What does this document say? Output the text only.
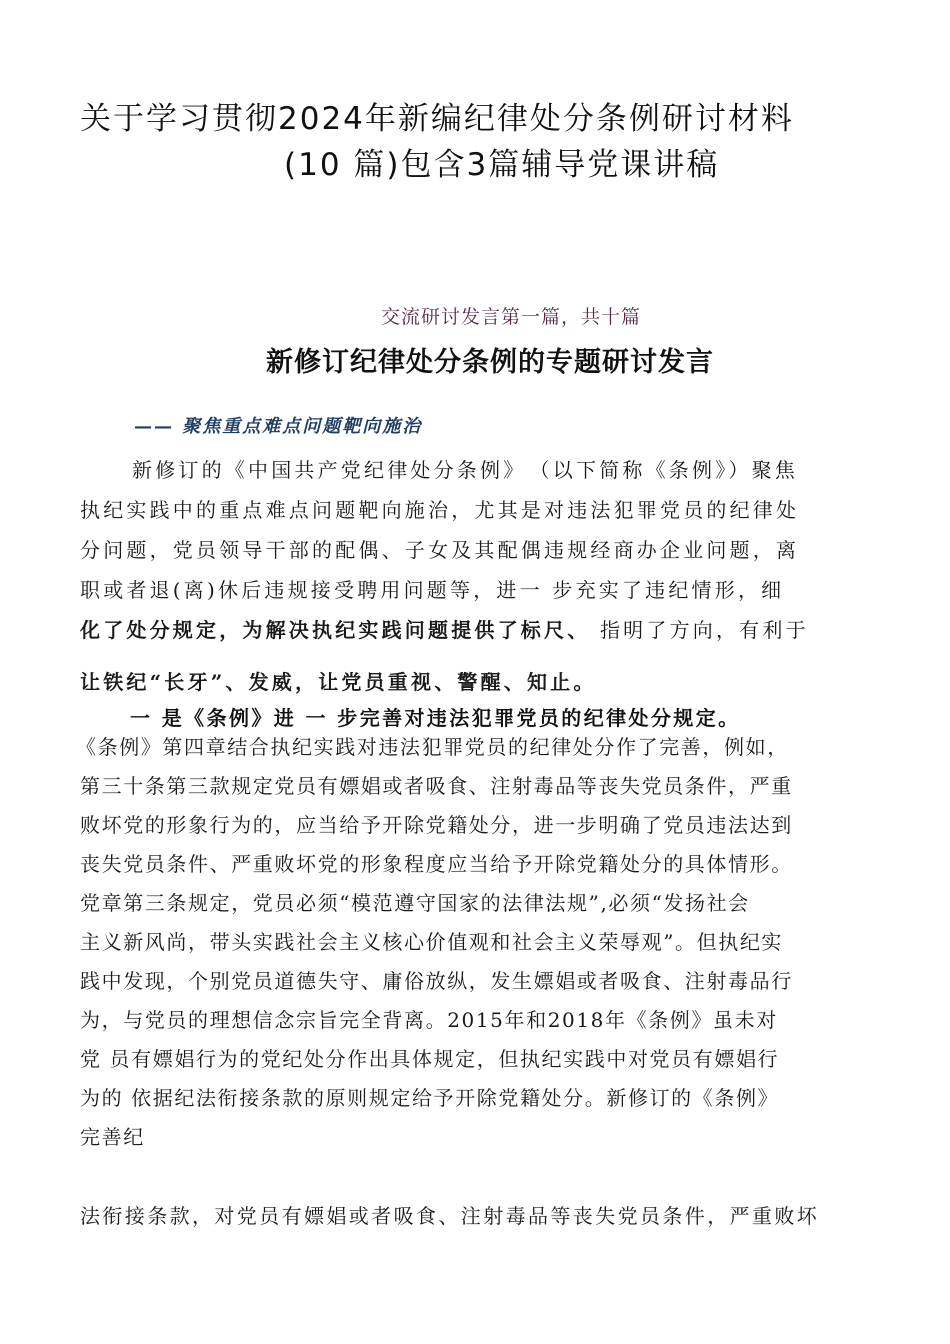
关于学习贯彻2024年新编纪律处分条例研讨材料
(10 篇)包含3篇辅导党课讲稿
交流研讨发言第一篇，共十篇
新修订纪律处分条例的专题研讨发言
—— 聚焦重点难点问题靶向施治
新修订的《中国共产党纪律处分条例》　（以下简称《条例》）聚焦
执纪实践中的重点难点问题靶向施治，尤其是对违法犯罪党员的纪律处
分问题，党员领导干部的配偶、子女及其配偶违规经商办企业问题，离
职或者退(离)休后违规接受聘用问题等，进一 步充实了违纪情形，细
化了处分规定，为解决执纪实践问题提供了标尺、 指明了方向，有利于
让铁纪“长牙”、发威，让党员重视、警醒、知止。
一 是《条例》进 一 步完善对违法犯罪党员的纪律处分规定。
《条例》第四章结合执纪实践对违法犯罪党员的纪律处分作了完善，例如，
第三十条第三款规定党员有嫖娼或者吸食、注射毒品等丧失党员条件，严重
败坏党的形象行为的，应当给予开除党籍处分，进一步明确了党员违法达到
丧失党员条件、严重败坏党的形象程度应当给予开除党籍处分的具体情形。
党章第三条规定，党员必须“模范遵守国家的法律法规”,必须“发扬社会
主义新风尚，带头实践社会主义核心价值观和社会主义荣辱观”。但执纪实
践中发现，个别党员道德失守、庸俗放纵，发生嫖娼或者吸食、注射毒品行
为，与党员的理想信念宗旨完全背离。2015年和2018年《条例》虽未对
党 员有嫖娼行为的党纪处分作出具体规定，但执纪实践中对党员有嫖娼行
为的 依据纪法衔接条款的原则规定给予开除党籍处分。新修订的《条例》
完善纪
法衔接条款，对党员有嫖娼或者吸食、注射毒品等丧失党员条件，严重败坏
